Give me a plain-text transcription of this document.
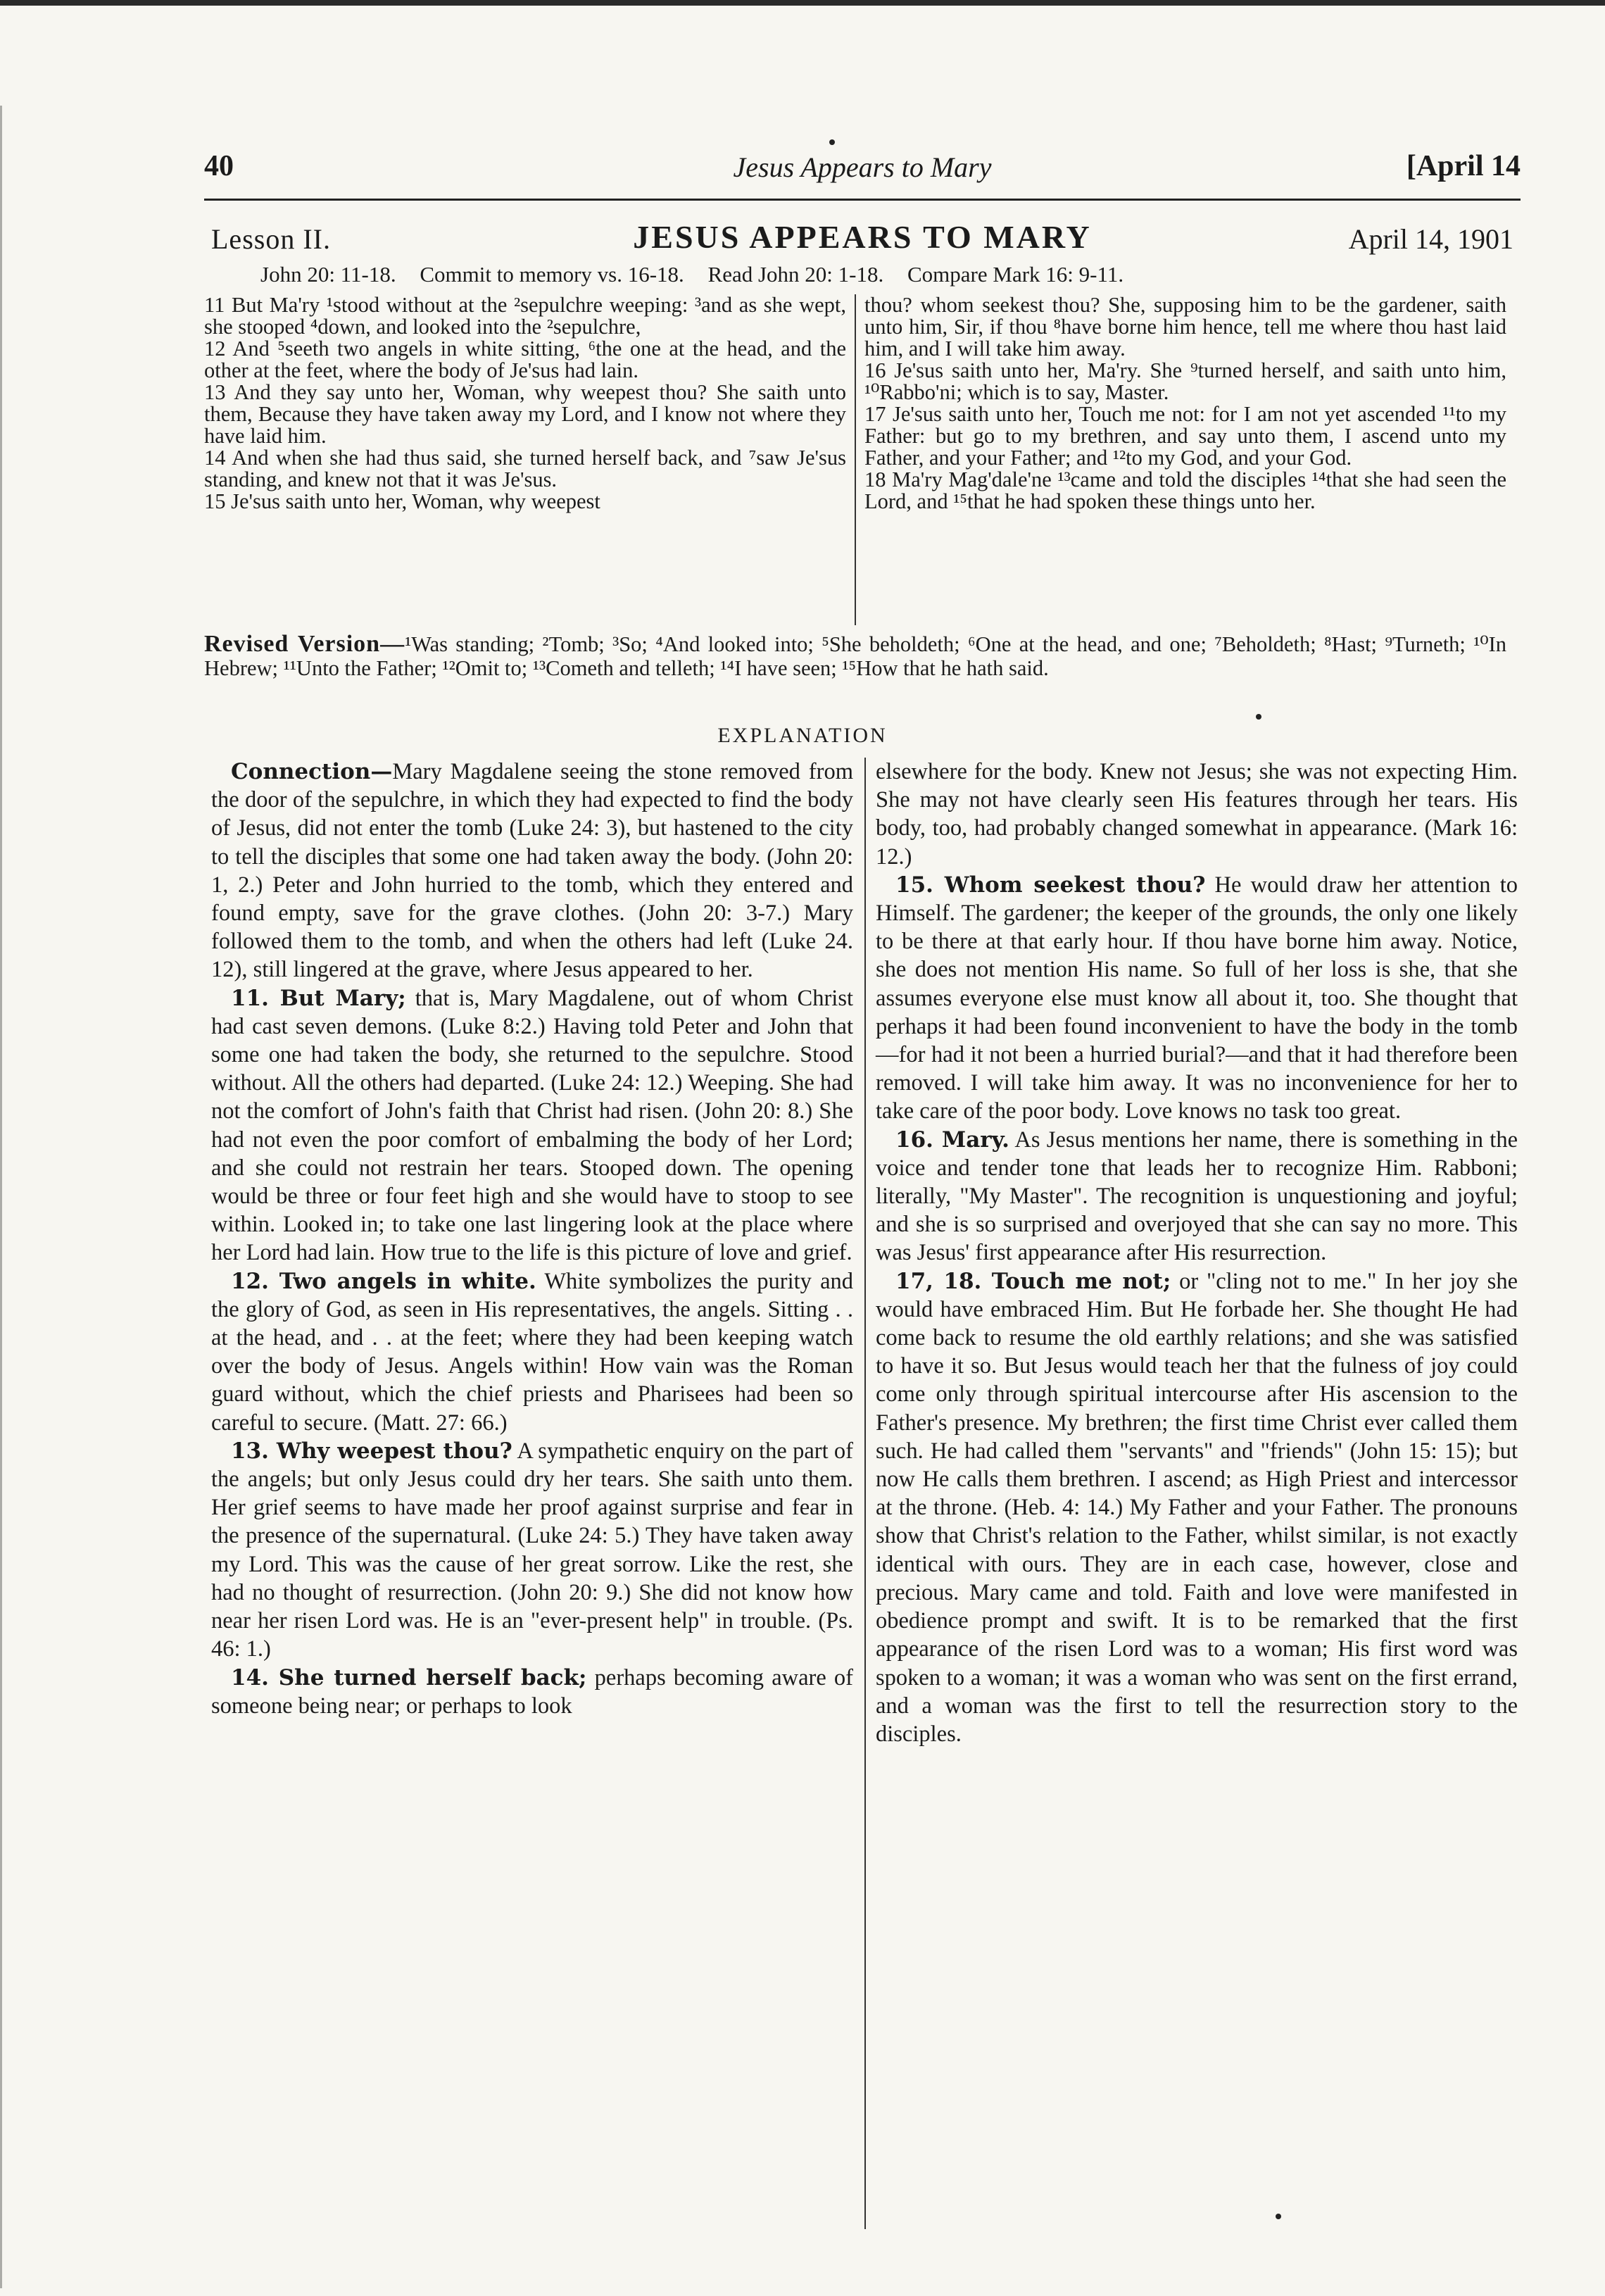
40	Jesus Appears to Mary	[April 14
Lesson II.	JESUS APPEARS TO MARY	April 14, 1901
John 20: 11-18. Commit to memory vs. 16-18. Read John 20: 1-18. Compare Mark 16: 9-11.

11 But Ma'ry ¹stood without at the ²sepulchre weeping: ³and as she wept, she stooped ⁴down, and looked into the ²sepulchre,

12 And ⁵seeth two angels in white sitting, ⁶the one at the head, and the other at the feet, where the body of Je'sus had lain.

13 And they say unto her, Woman, why weepest thou? She saith unto them, Because they have taken away my Lord, and I know not where they have laid him.

14 And when she had thus said, she turned herself back, and ⁷saw Je'sus standing, and knew not that it was Je'sus.

15 Je'sus saith unto her, Woman, why weepest

thou? whom seekest thou? She, supposing him to be the gardener, saith unto him, Sir, if thou ⁸have borne him hence, tell me where thou hast laid him, and I will take him away.

16 Je'sus saith unto her, Ma'ry. She ⁹turned herself, and saith unto him, ¹⁰Rabbo'ni; which is to say, Master.

17 Je'sus saith unto her, Touch me not: for I am not yet ascended ¹¹to my Father: but go to my brethren, and say unto them, I ascend unto my Father, and your Father; and ¹²to my God, and your God.

18 Ma'ry Mag'dale'ne ¹³came and told the disciples ¹⁴that she had seen the Lord, and ¹⁵that he had spoken these things unto her.

Revised Version—¹Was standing; ²Tomb; ³So; ⁴And looked into; ⁵She beholdeth; ⁶One at the head, and one; ⁷Beholdeth; ⁸Hast; ⁹Turneth; ¹⁰In Hebrew; ¹¹Unto the Father; ¹²Omit to; ¹³Cometh and telleth; ¹⁴I have seen; ¹⁵How that he hath said.
EXPLANATION

Connection—Mary Magdalene seeing the stone removed from the door of the sepulchre, in which they had expected to find the body of Jesus, did not enter the tomb (Luke 24: 3), but hastened to the city to tell the disciples that some one had taken away the body. (John 20: 1, 2.) Peter and John hurried to the tomb, which they entered and found empty, save for the grave clothes. (John 20: 3-7.) Mary followed them to the tomb, and when the others had left (Luke 24. 12), still lingered at the grave, where Jesus appeared to her.

11. But Mary; that is, Mary Magdalene, out of whom Christ had cast seven demons. (Luke 8:2.) Having told Peter and John that some one had taken the body, she returned to the sepulchre. Stood without. All the others had departed. (Luke 24: 12.) Weeping. She had not the comfort of John's faith that Christ had risen. (John 20: 8.) She had not even the poor comfort of embalming the body of her Lord; and she could not restrain her tears. Stooped down. The opening would be three or four feet high and she would have to stoop to see within. Looked in; to take one last lingering look at the place where her Lord had lain. How true to the life is this picture of love and grief.

12. Two angels in white. White symbolizes the purity and the glory of God, as seen in His representatives, the angels. Sitting . . at the head, and . . at the feet; where they had been keeping watch over the body of Jesus. Angels within! How vain was the Roman guard without, which the chief priests and Pharisees had been so careful to secure. (Matt. 27: 66.)

13. Why weepest thou? A sympathetic enquiry on the part of the angels; but only Jesus could dry her tears. She saith unto them. Her grief seems to have made her proof against surprise and fear in the presence of the supernatural. (Luke 24: 5.) They have taken away my Lord. This was the cause of her great sorrow. Like the rest, she had no thought of resurrection. (John 20: 9.) She did not know how near her risen Lord was. He is an "ever-present help" in trouble. (Ps. 46: 1.)

14. She turned herself back; perhaps becoming aware of someone being near; or perhaps to look

elsewhere for the body. Knew not Jesus; she was not expecting Him. She may not have clearly seen His features through her tears. His body, too, had probably changed somewhat in appearance. (Mark 16: 12.)

15. Whom seekest thou? He would draw her attention to Himself. The gardener; the keeper of the grounds, the only one likely to be there at that early hour. If thou have borne him away. Notice, she does not mention His name. So full of her loss is she, that she assumes everyone else must know all about it, too. She thought that perhaps it had been found inconvenient to have the body in the tomb—for had it not been a hurried burial?—and that it had therefore been removed. I will take him away. It was no inconvenience for her to take care of the poor body. Love knows no task too great.

16. Mary. As Jesus mentions her name, there is something in the voice and tender tone that leads her to recognize Him. Rabboni; literally, "My Master". The recognition is unquestioning and joyful; and she is so surprised and overjoyed that she can say no more. This was Jesus' first appearance after His resurrection.

17, 18. Touch me not; or "cling not to me." In her joy she would have embraced Him. But He forbade her. She thought He had come back to resume the old earthly relations; and she was satisfied to have it so. But Jesus would teach her that the fulness of joy could come only through spiritual intercourse after His ascension to the Father's presence. My brethren; the first time Christ ever called them such. He had called them "servants" and "friends" (John 15: 15); but now He calls them brethren. I ascend; as High Priest and intercessor at the throne. (Heb. 4: 14.) My Father and your Father. The pronouns show that Christ's relation to the Father, whilst similar, is not exactly identical with ours. They are in each case, however, close and precious. Mary came and told. Faith and love were manifested in obedience prompt and swift. It is to be remarked that the first appearance of the risen Lord was to a woman; His first word was spoken to a woman; it was a woman who was sent on the first errand, and a woman was the first to tell the resurrection story to the disciples.
